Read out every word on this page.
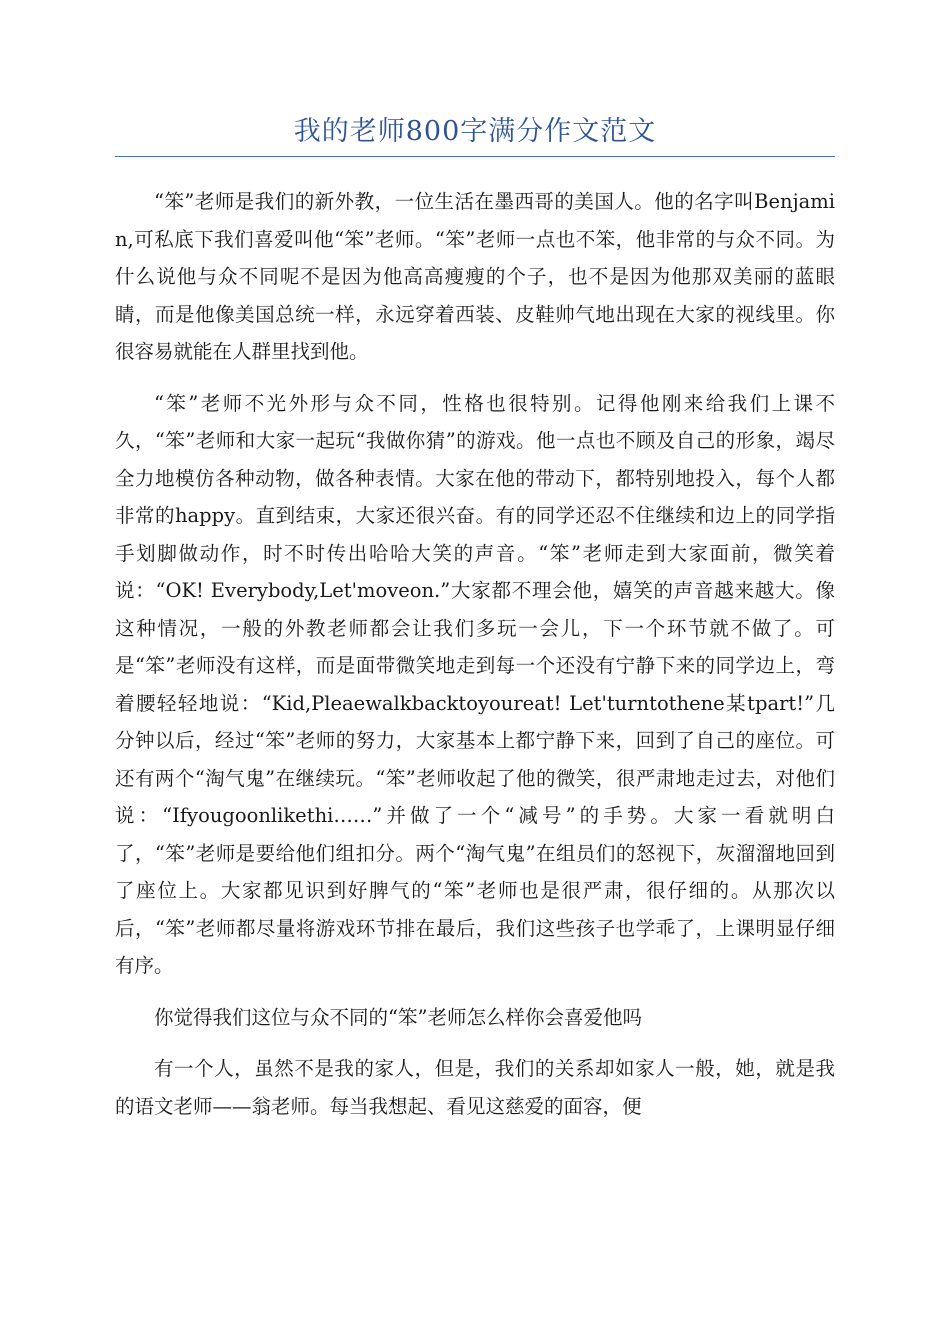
我的老师800字满分作文范文

“笨”老师是我们的新外教，一位生活在墨西哥的美国人。他的名字叫Benjamin,可私底下我们喜爱叫他“笨”老师。“笨”老师一点也不笨，他非常的与众不同。为什么说他与众不同呢不是因为他高高瘦瘦的个子，也不是因为他那双美丽的蓝眼睛，而是他像美国总统一样，永远穿着西装、皮鞋帅气地出现在大家的视线里。你很容易就能在人群里找到他。

“笨”老师不光外形与众不同，性格也很特别。记得他刚来给我们上课不久，“笨”老师和大家一起玩“我做你猜”的游戏。他一点也不顾及自己的形象，竭尽全力地模仿各种动物，做各种表情。大家在他的带动下，都特别地投入，每个人都非常的happy。直到结束，大家还很兴奋。有的同学还忍不住继续和边上的同学指手划脚做动作，时不时传出哈哈大笑的声音。“笨”老师走到大家面前，微笑着说：“OK! Everybody,Let'moveon.”大家都不理会他，嬉笑的声音越来越大。像这种情况，一般的外教老师都会让我们多玩一会儿，下一个环节就不做了。可是“笨”老师没有这样，而是面带微笑地走到每一个还没有宁静下来的同学边上，弯着腰轻轻地说：“Kid,Pleaewalkbacktoyoureat! Let'turntothene某tpart!”几分钟以后，经过“笨”老师的努力，大家基本上都宁静下来，回到了自己的座位。可还有两个“淘气鬼”在继续玩。“笨”老师收起了他的微笑，很严肃地走过去，对他们说：“Ifyougoonlikethi……”并做了一个“减号”的手势。大家一看就明白了，“笨”老师是要给他们组扣分。两个“淘气鬼”在组员们的怒视下，灰溜溜地回到了座位上。大家都见识到好脾气的“笨”老师也是很严肃，很仔细的。从那次以后，“笨”老师都尽量将游戏环节排在最后，我们这些孩子也学乖了，上课明显仔细有序。

你觉得我们这位与众不同的“笨”老师怎么样你会喜爱他吗

有一个人，虽然不是我的家人，但是，我们的关系却如家人一般，她，就是我的语文老师——翁老师。每当我想起、看见这慈爱的面容，便
